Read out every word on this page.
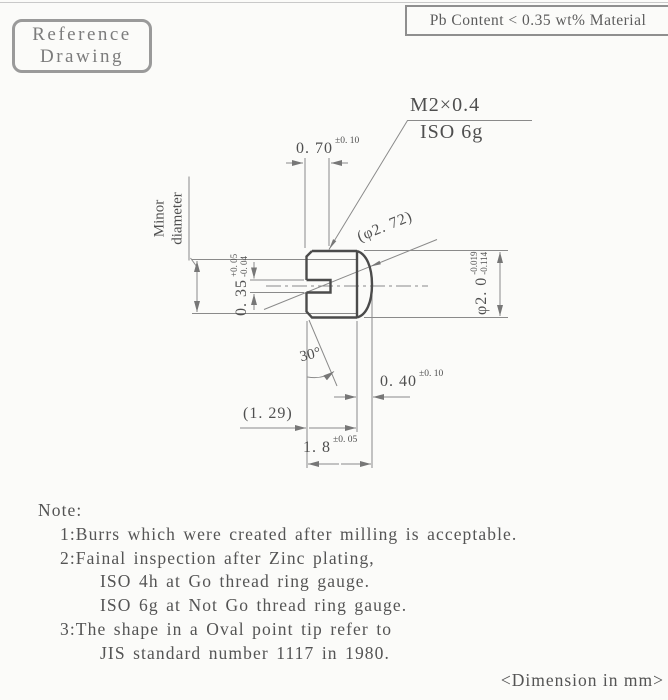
Reference
Drawing
Pb Content < 0.35 wt% Material
M2×0.4
ISO 6g
0. 70 ±0. 10
Minor diameter
0. 35
+0. 05 -0. 04
(φ2. 72)
φ2. 0
-0.019 -0.114
30°
0. 40 ±0. 10
(1. 29)
1. 8 ±0. 05
Note:
1:Burrs which were created after milling is acceptable.
2:Fainal inspection after Zinc plating,
ISO 4h at Go thread ring gauge.
ISO 6g at Not Go thread ring gauge.
3:The shape in a Oval point tip refer to
JIS standard number 1117 in 1980.
<Dimension in mm>
